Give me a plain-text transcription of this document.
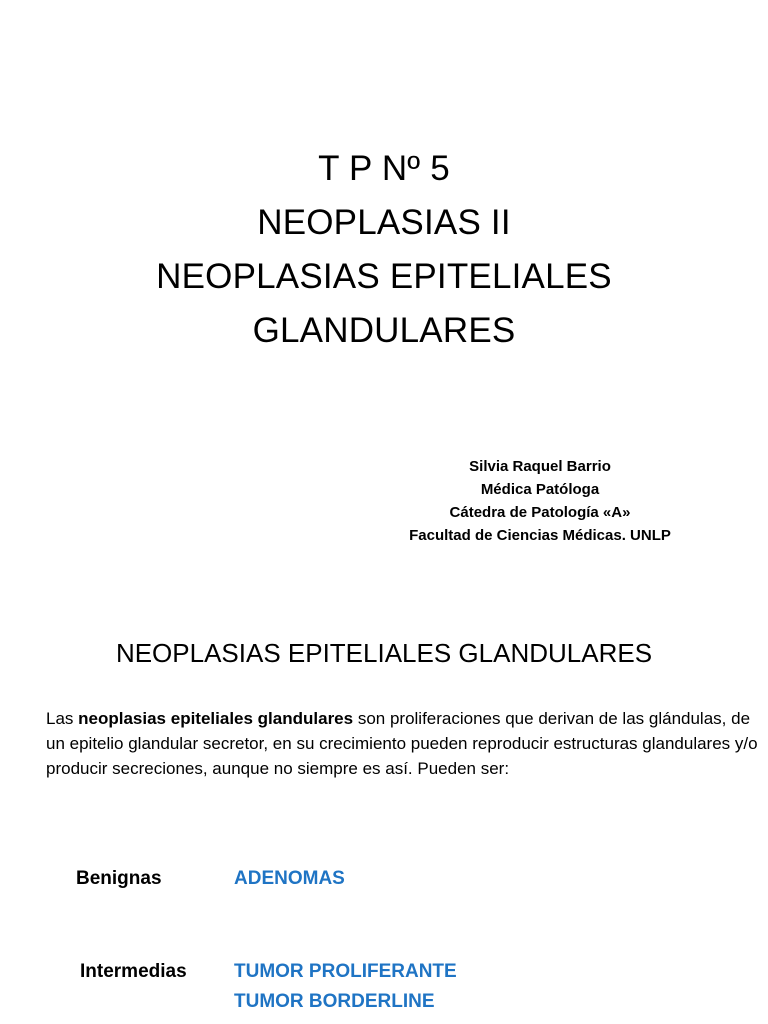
T P Nº 5
NEOPLASIAS II
NEOPLASIAS EPITELIALES
GLANDULARES
Silvia Raquel Barrio
Médica Patóloga
Cátedra de Patología «A»
Facultad de Ciencias Médicas. UNLP
NEOPLASIAS EPITELIALES GLANDULARES

Las neoplasias epiteliales glandulares son proliferaciones que derivan de las glándulas, de un epitelio glandular secretor, en su crecimiento pueden reproducir estructuras glandulares y/o producir secreciones, aunque no siempre es así. Pueden ser:

Benignas	ADENOMAS
Intermedias TUMOR PROLIFERANTE
TUMOR BORDERLINE
